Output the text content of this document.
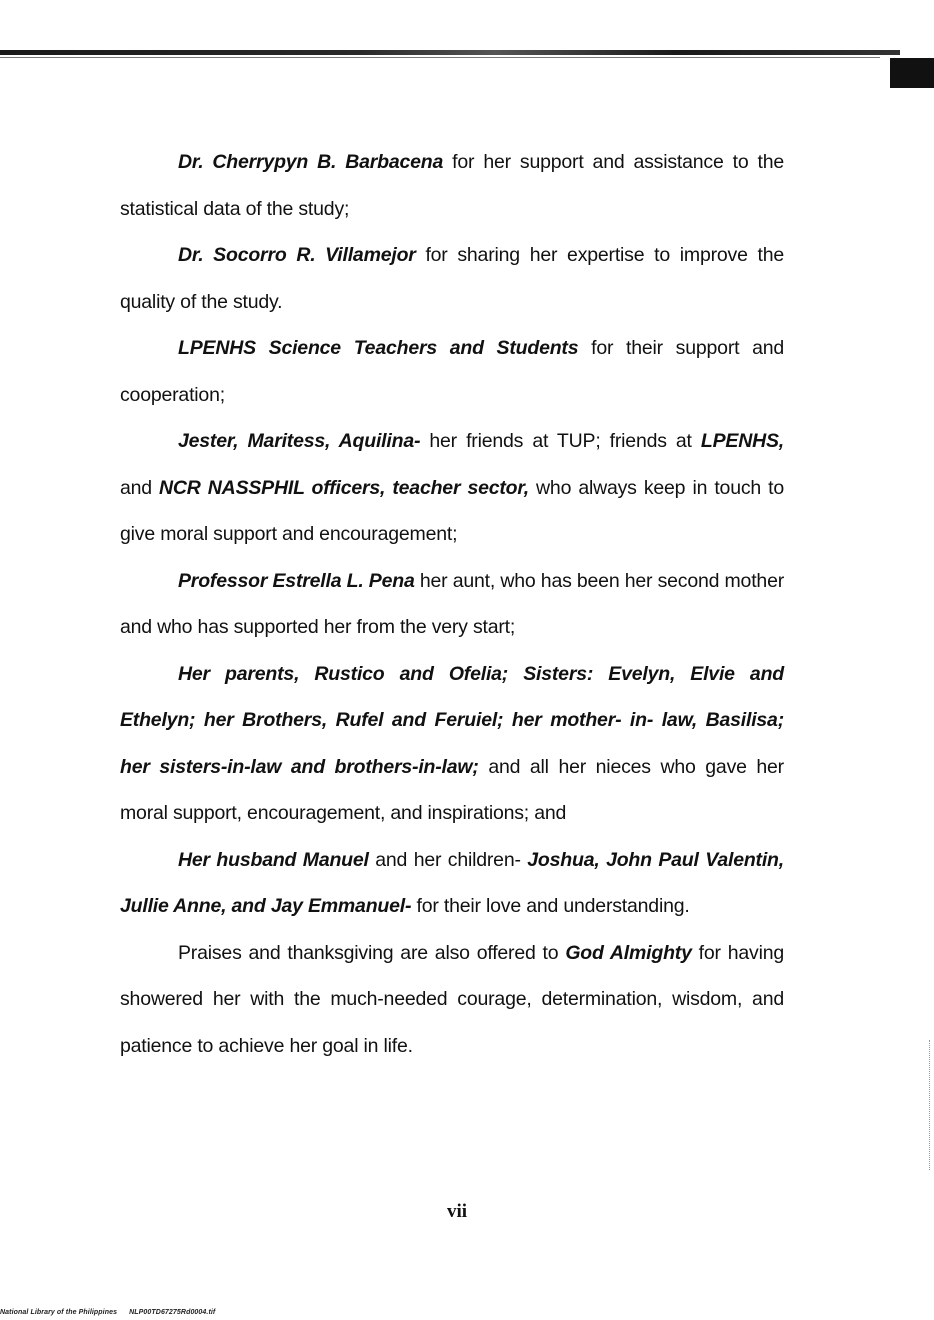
Dr. Cherrypyn B. Barbacena for her support and assistance to the statistical data of the study;

Dr. Socorro R. Villamejor for sharing her expertise to improve the quality of the study.

LPENHS Science Teachers and Students for their support and cooperation;

Jester, Maritess, Aquilina- her friends at TUP; friends at LPENHS, and NCR NASSPHIL officers, teacher sector, who always keep in touch to give moral support and encouragement;

Professor Estrella L. Pena her aunt, who has been her second mother and who has supported her from the very start;

Her parents, Rustico and Ofelia; Sisters: Evelyn, Elvie and Ethelyn; her Brothers, Rufel and Feruiel; her mother- in- law, Basilisa; her sisters-in-law and brothers-in-law; and all her nieces who gave her moral support, encouragement, and inspirations; and

Her husband Manuel and her children- Joshua, John Paul Valentin, Jullie Anne, and Jay Emmanuel- for their love and understanding.

Praises and thanksgiving are also offered to God Almighty for having showered her with the much-needed courage, determination, wisdom, and patience to achieve her goal in life.

vii
National Library of the Philippines NLP00TD67275Rd0004.tif
